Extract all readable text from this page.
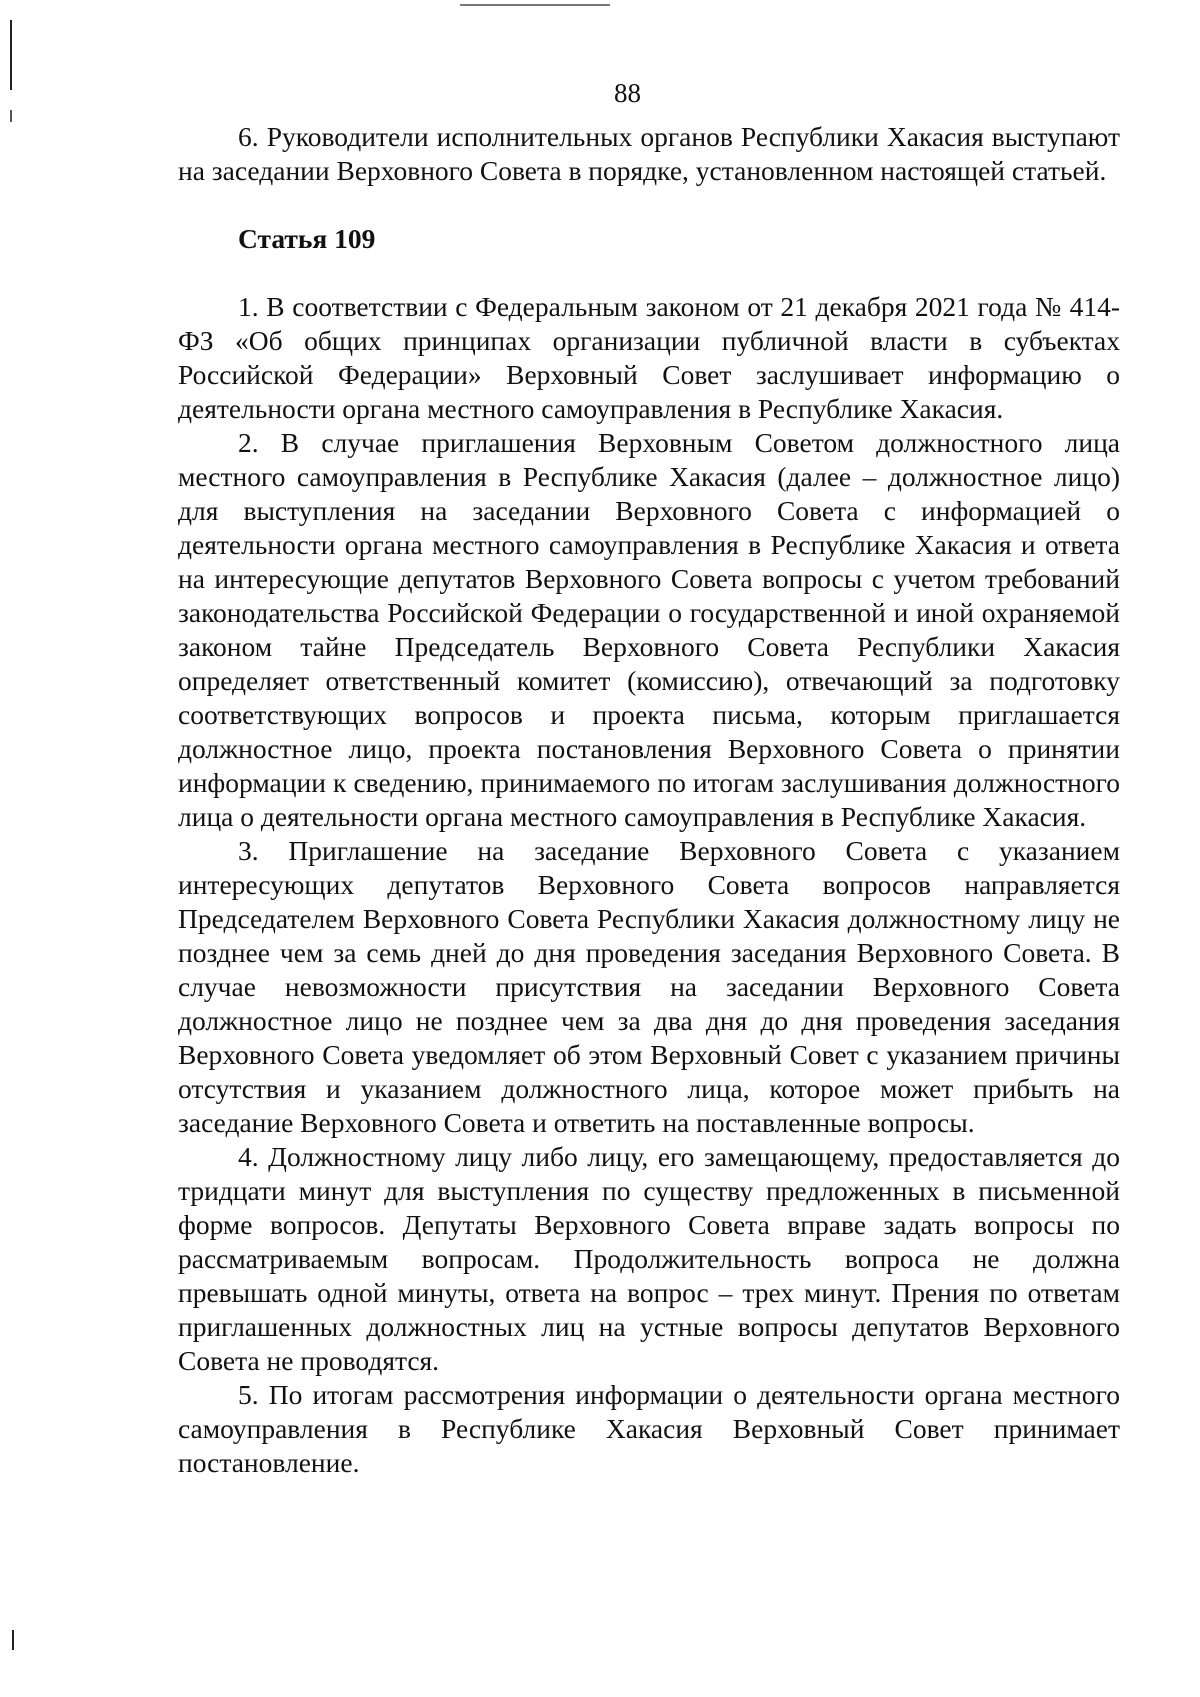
88

6. Руководители исполнительных органов Республики Хакасия выступают на заседании Верховного Совета в порядке, установленном настоящей статьей.

Статья 109

1. В соответствии с Федеральным законом от 21 декабря 2021 года № 414-ФЗ «Об общих принципах организации публичной власти в субъектах Российской Федерации» Верховный Совет заслушивает информацию о деятельности органа местного самоуправления в Республике Хакасия.

2. В случае приглашения Верховным Советом должностного лица местного самоуправления в Республике Хакасия (далее – должностное лицо) для выступления на заседании Верховного Совета с информацией о деятельности органа местного самоуправления в Республике Хакасия и ответа на интересующие депутатов Верховного Совета вопросы с учетом требований законодательства Российской Федерации о государственной и иной охраняемой законом тайне Председатель Верховного Совета Республики Хакасия определяет ответственный комитет (комиссию), отвечающий за подготовку соответствующих вопросов и проекта письма, которым приглашается должностное лицо, проекта постановления Верховного Совета о принятии информации к сведению, принимаемого по итогам заслушивания должностного лица о деятельности органа местного самоуправления в Республике Хакасия.

3. Приглашение на заседание Верховного Совета с указанием интересующих депутатов Верховного Совета вопросов направляется Председателем Верховного Совета Республики Хакасия должностному лицу не позднее чем за семь дней до дня проведения заседания Верховного Совета. В случае невозможности присутствия на заседании Верховного Совета должностное лицо не позднее чем за два дня до дня проведения заседания Верховного Совета уведомляет об этом Верховный Совет с указанием причины отсутствия и указанием должностного лица, которое может прибыть на заседание Верховного Совета и ответить на поставленные вопросы.

4. Должностному лицу либо лицу, его замещающему, предоставляется до тридцати минут для выступления по существу предложенных в письменной форме вопросов. Депутаты Верховного Совета вправе задать вопросы по рассматриваемым вопросам. Продолжительность вопроса не должна превышать одной минуты, ответа на вопрос – трех минут. Прения по ответам приглашенных должностных лиц на устные вопросы депутатов Верховного Совета не проводятся.

5. По итогам рассмотрения информации о деятельности органа местного самоуправления в Республике Хакасия Верховный Совет принимает постановление.
